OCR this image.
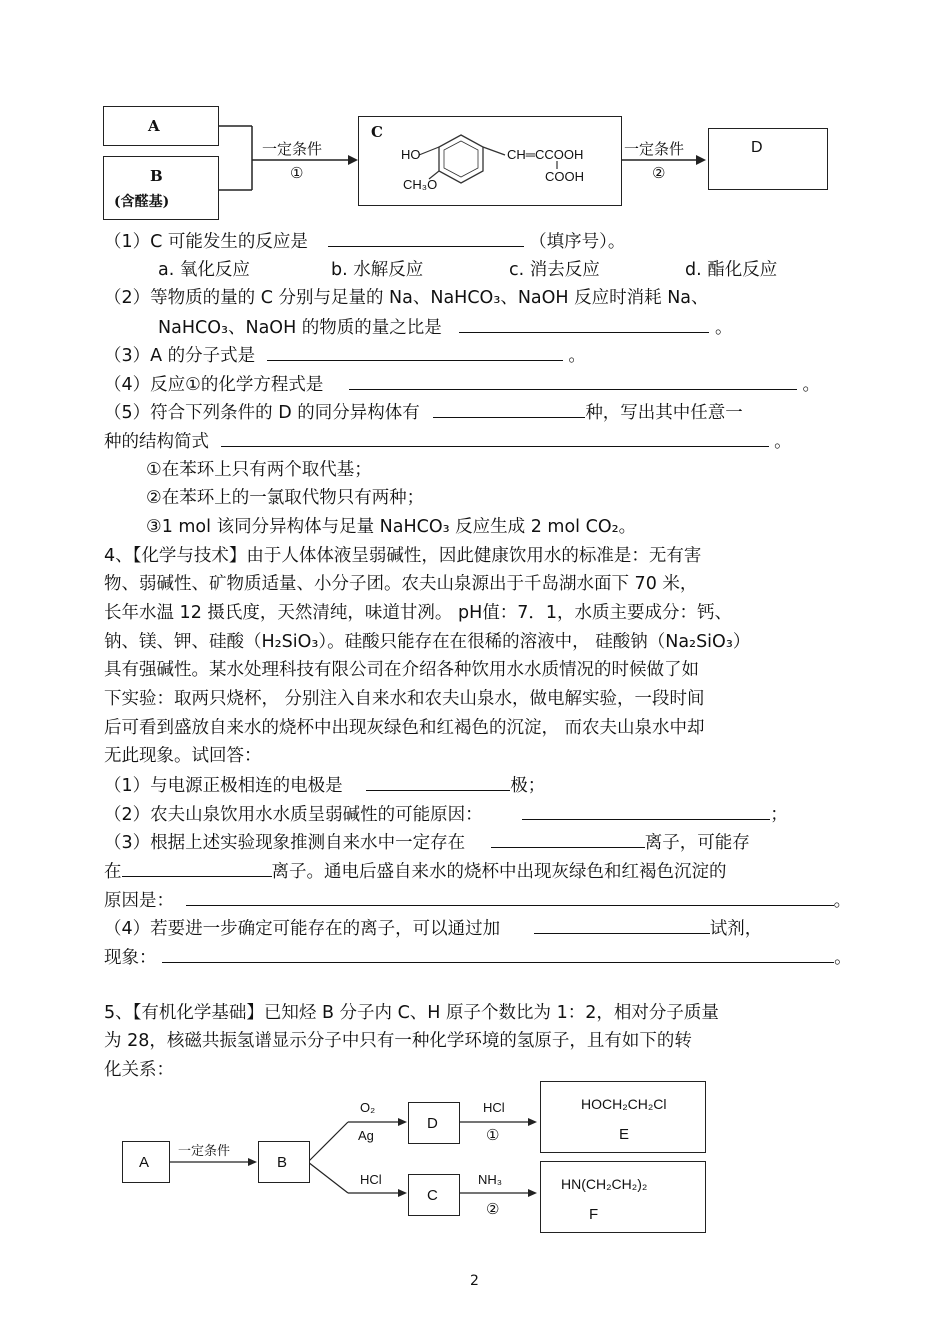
A
B
(含醛基)
一定条件
①
C
HO
CH₃O
CH═CCOOH
COOH
一定条件
②
D
（1）C 可能发生的反应是	（填序号）。
a. 氧化反应	b. 水解反应	c. 消去反应	d. 酯化反应
（2）等物质的量的 C 分别与足量的 Na、NaHCO₃、NaOH 反应时消耗 Na、
NaHCO₃、NaOH 的物质的量之比是	。
（3）A 的分子式是	。
（4）反应①的化学方程式是	。
（5）符合下列条件的 D 的同分异构体有	种，写出其中任意一
种的结构简式	。
①在苯环上只有两个取代基；
②在苯环上的一氯取代物只有两种；
③1 mol 该同分异构体与足量 NaHCO₃ 反应生成 2 mol CO₂。
4、【化学与技术】由于人体体液呈弱碱性，因此健康饮用水的标准是：无有害
物、弱碱性、矿物质适量、小分子团。农夫山泉源出于千岛湖水面下 70 米，
长年水温 12 摄氏度，天然清纯，味道甘冽。 pH值：7．1，水质主要成分：钙、
钠、镁、钾、硅酸（H₂SiO₃）。硅酸只能存在在很稀的溶液中， 硅酸钠（Na₂SiO₃）
具有强碱性。某水处理科技有限公司在介绍各种饮用水水质情况的时候做了如
下实验：取两只烧杯， 分别注入自来水和农夫山泉水，做电解实验，一段时间
后可看到盛放自来水的烧杯中出现灰绿色和红褐色的沉淀， 而农夫山泉水中却
无此现象。试回答：
（1）与电源正极相连的电极是	极；
（2）农夫山泉饮用水水质呈弱碱性的可能原因：	；
（3）根据上述实验现象推测自来水中一定存在	离子，可能存
在	离子。通电后盛自来水的烧杯中出现灰绿色和红褐色沉淀的
原因是：	。
（4）若要进一步确定可能存在的离子，可以通过加	试剂，
现象：	。
5、【有机化学基础】已知烃 B 分子内 C、H 原子个数比为 1：2，相对分子质量
为 28，核磁共振氢谱显示分子中只有一种化学环境的氢原子，且有如下的转
化关系：
A
一定条件
B
O₂
Ag
D
HCl
①
HOCH₂CH₂Cl
E
HCl
C
NH₃
②
HN(CH₂CH₂)₂
F
2
